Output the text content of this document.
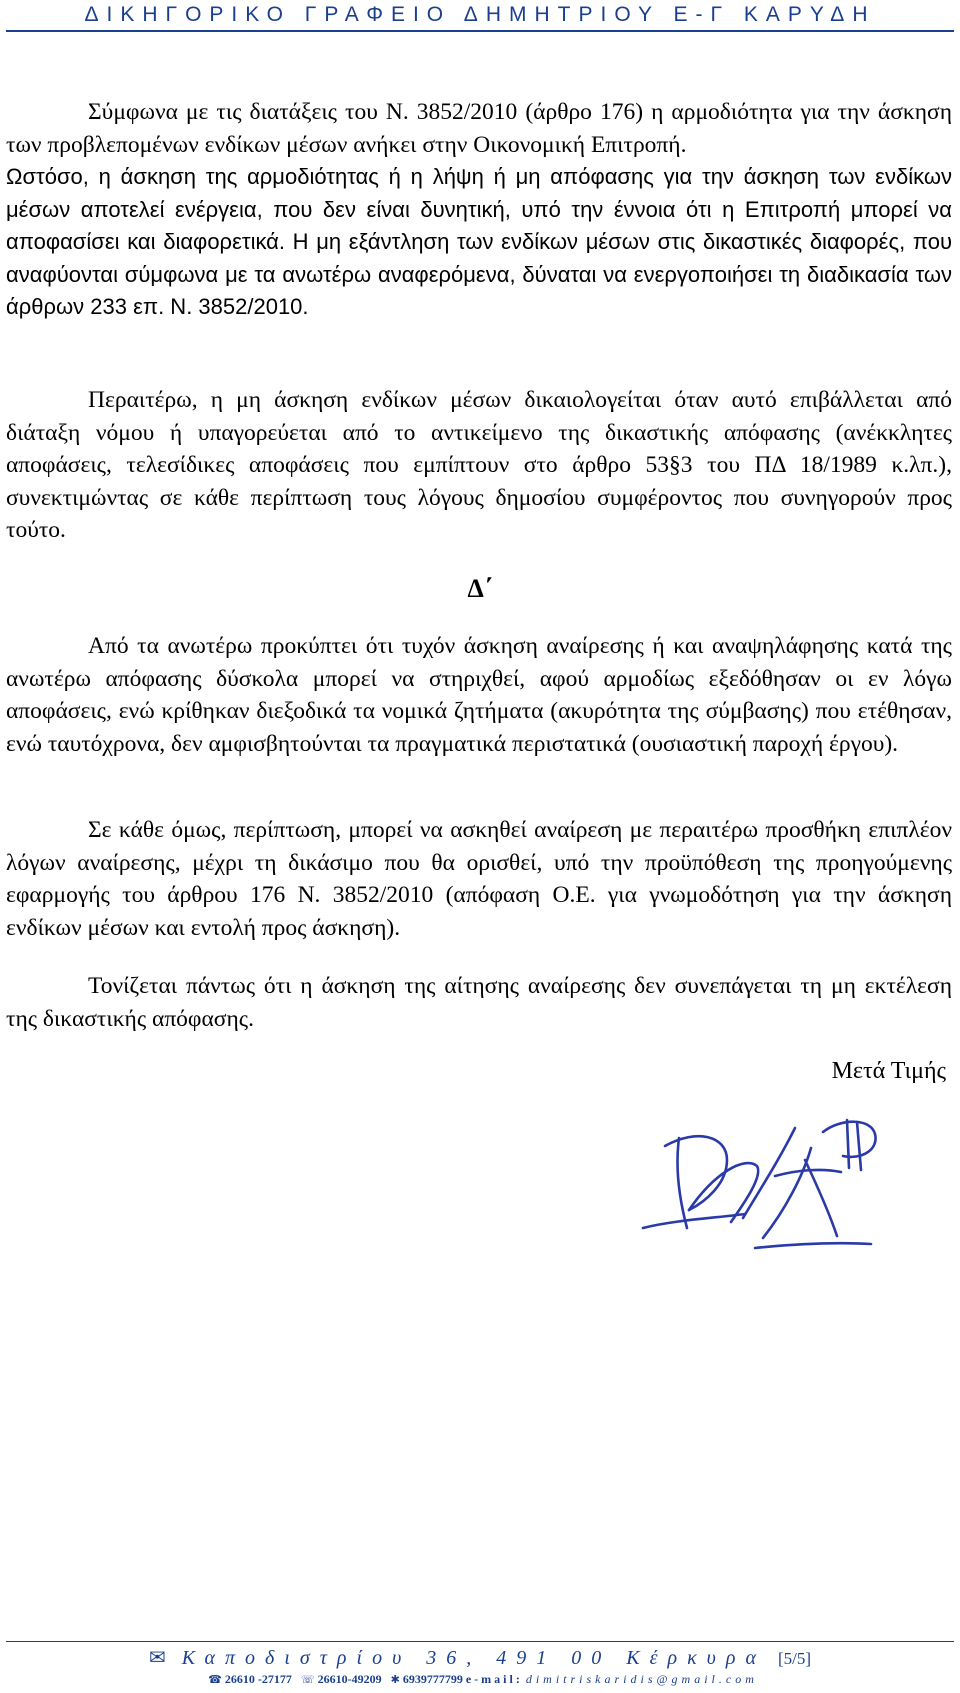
ΔΙΚΗΓΟΡΙΚΟ ΓΡΑΦΕΙΟ ΔΗΜΗΤΡΙΟΥ Ε-Γ ΚΑΡΥΔΗ

Σύμφωνα με τις διατάξεις του Ν. 3852/2010 (άρθρο 176) η αρμοδιότητα για την άσκηση των προβλεπομένων ενδίκων μέσων ανήκει στην Οικονομική Επιτροπή.

Ωστόσο, η άσκηση της αρμοδιότητας ή η λήψη ή μη απόφασης για την άσκηση των ενδίκων μέσων αποτελεί ενέργεια, που δεν είναι δυνητική, υπό την έννοια ότι η Επιτροπή μπορεί να αποφασίσει και διαφορετικά. Η μη εξάντληση των ενδίκων μέσων στις δικαστικές διαφορές, που αναφύονται σύμφωνα με τα ανωτέρω αναφερόμενα, δύναται να ενεργοποιήσει τη διαδικασία των άρθρων 233 επ. Ν. 3852/2010.

Περαιτέρω, η μη άσκηση ενδίκων μέσων δικαιολογείται όταν αυτό επιβάλλεται από διάταξη νόμου ή υπαγορεύεται από το αντικείμενο της δικαστικής απόφασης (ανέκκλητες αποφάσεις, τελεσίδικες αποφάσεις που εμπίπτουν στο άρθρο 53§3 του ΠΔ 18/1989 κ.λπ.), συνεκτιμώντας σε κάθε περίπτωση τους λόγους δημοσίου συμφέροντος που συνηγορούν προς τούτο.

Δ΄

Από τα ανωτέρω προκύπτει ότι τυχόν άσκηση αναίρεσης ή και αναψηλάφησης κατά της ανωτέρω απόφασης δύσκολα μπορεί να στηριχθεί, αφού αρμοδίως εξεδόθησαν οι εν λόγω αποφάσεις, ενώ κρίθηκαν διεξοδικά τα νομικά ζητήματα (ακυρότητα της σύμβασης) που ετέθησαν, ενώ ταυτόχρονα, δεν αμφισβητούνται τα πραγματικά περιστατικά (ουσιαστική παροχή έργου).

Σε κάθε όμως, περίπτωση, μπορεί να ασκηθεί αναίρεση με περαιτέρω προσθήκη επιπλέον λόγων αναίρεσης, μέχρι τη δικάσιμο που θα ορισθεί, υπό την προϋπόθεση της προηγούμενης εφαρμογής του άρθρου 176 Ν. 3852/2010 (απόφαση Ο.Ε. για γνωμοδότηση για την άσκηση ενδίκων μέσων και εντολή προς άσκηση).

Τονίζεται πάντως ότι η άσκηση της αίτησης αναίρεσης δεν συνεπάγεται τη μη εκτέλεση της δικαστικής απόφασης.

Μετά Τιμής

✉ Καποδιστρίου 36, 491 00 Κέρκυρα [5/5]
☎ 26610 -27177 ☏ 26610-49209 ✱ 6939777799 e-mail: dimitriskaridis@gmail.com
